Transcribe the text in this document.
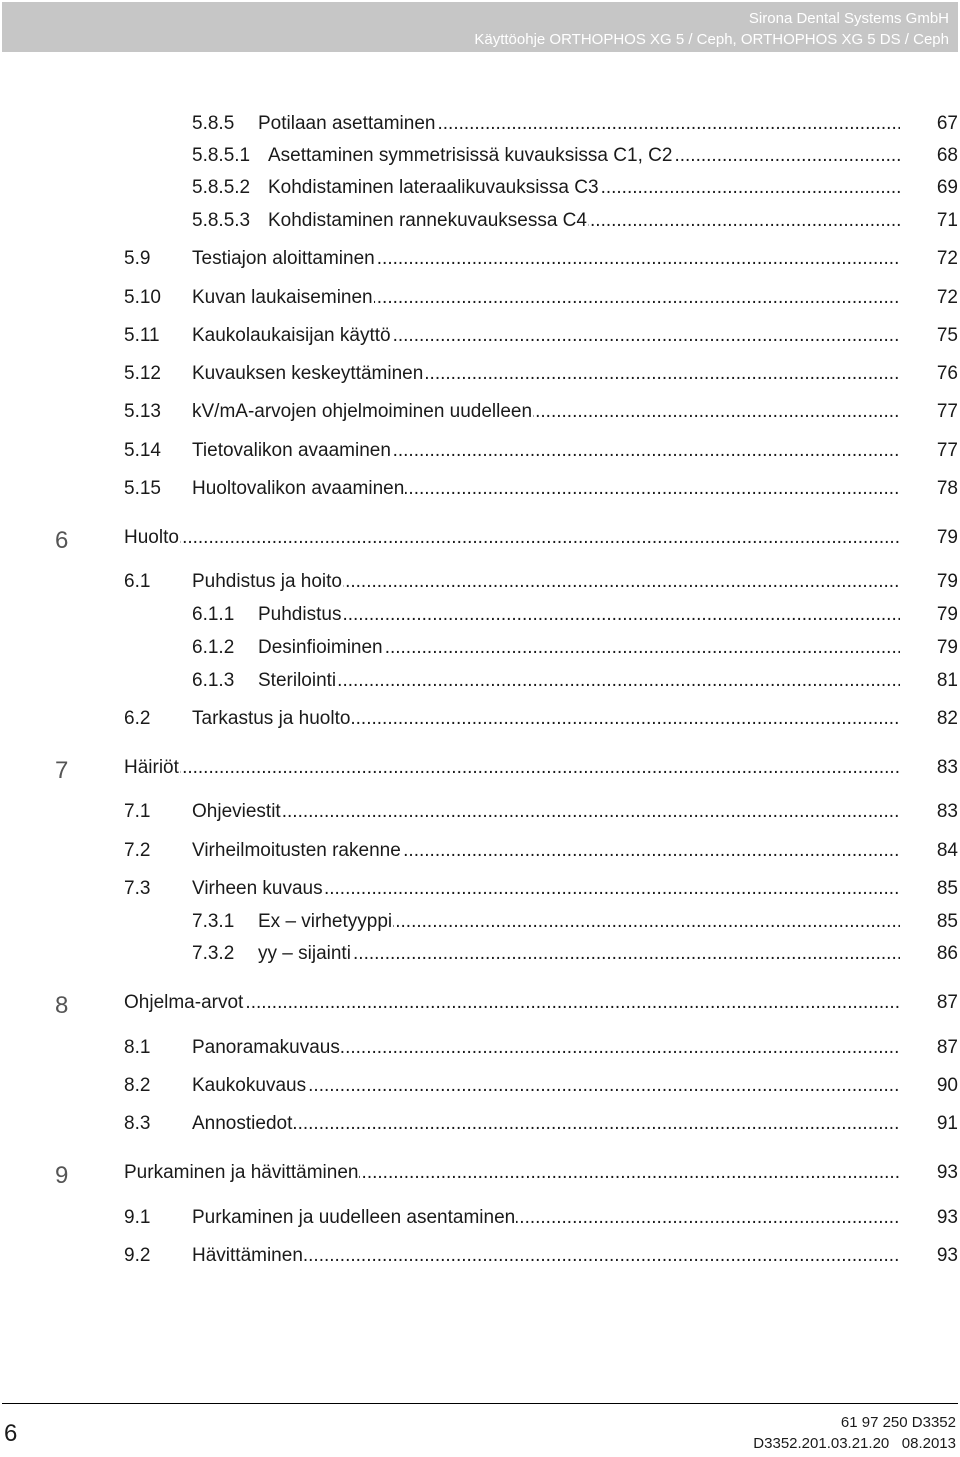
Sirona Dental Systems GmbH
Käyttöohje ORTHOPHOS XG 5 / Ceph, ORTHOPHOS XG 5 DS / Ceph
5.8.5 Potilaan asettaminen .....	67
5.8.5.1 Asettaminen symmetrisissä kuvauksissa C1, C2 .....	68
5.8.5.2 Kohdistaminen lateraalikuvauksissa C3 .....	69
5.8.5.3 Kohdistaminen rannekuvauksessa C4 .....	71
5.9 Testiajon aloittaminen .....	72
5.10 Kuvan laukaiseminen .....	72
5.11 Kaukolaukaisijan käyttö .....	75
5.12 Kuvauksen keskeyttäminen .....	76
5.13 kV/mA-arvojen ohjelmoiminen uudelleen .....	77
5.14 Tietovalikon avaaminen .....	77
5.15 Huoltovalikon avaaminen .....	78
6	Huolto .....	79
6.1 Puhdistus ja hoito .....	79
6.1.1 Puhdistus .....	79
6.1.2 Desinfioiminen .....	79
6.1.3 Sterilointi .....	81
6.2 Tarkastus ja huolto .....	82
7	Häiriöt .....	83
7.1 Ohjeviestit .....	83
7.2 Virheilmoitusten rakenne .....	84
7.3 Virheen kuvaus .....	85
7.3.1 Ex – virhetyyppi .....	85
7.3.2 yy – sijainti .....	86
8	Ohjelma-arvot .....	87
8.1 Panoramakuvaus .....	87
8.2 Kaukokuvaus .....	90
8.3 Annostiedot .....	91
9	Purkaminen ja hävittäminen .....	93
9.1 Purkaminen ja uudelleen asentaminen .....	93
9.2 Hävittäminen .....	93
6	61 97 250 D3352
D3352.201.03.21.20 08.2013
